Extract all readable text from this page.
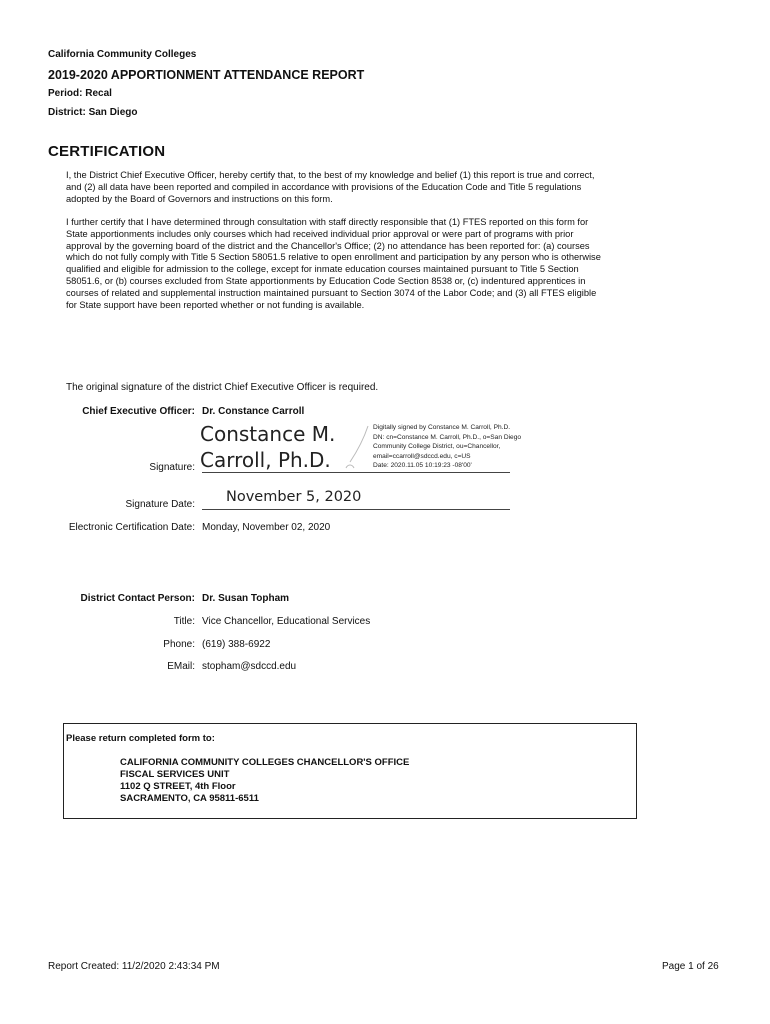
California Community Colleges
2019-2020 APPORTIONMENT ATTENDANCE REPORT
Period: Recal
District: San Diego
CERTIFICATION
I, the District Chief Executive Officer, hereby certify that, to the best of my knowledge and belief (1) this report is true and correct,
and (2) all data have been reported and compiled in accordance with provisions of the Education Code and Title 5 regulations
adopted by the Board of Governors and instructions on this form.
I further certify that I have determined through consultation with staff directly responsible that (1) FTES reported on this form for
State apportionments includes only courses which had received individual prior approval or were part of programs with prior
approval by the governing board of the district and the Chancellor's Office; (2) no attendance has been reported for: (a) courses
which do not fully comply with Title 5 Section 58051.5 relative to open enrollment and participation by any person who is otherwise
qualified and eligible for admission to the college, except for inmate education courses maintained pursuant to Title 5 Section
58051.6, or (b) courses excluded from State apportionments by Education Code Section 8538 or, (c) indentured apprentices in
courses of related and supplemental instruction maintained pursuant to Section 3074 of the Labor Code; and (3) all FTES eligible
for State support have been reported whether or not funding is available.
The original signature of the district Chief Executive Officer is required.
Chief Executive Officer: Dr. Constance Carroll
Signature:
Constance M.
Carroll, Ph.D.
Digitally signed by Constance M. Carroll, Ph.D.
DN: cn=Constance M. Carroll, Ph.D., o=San Diego
Community College District, ou=Chancellor,
email=ccarroll@sdccd.edu, c=US
Date: 2020.11.05 10:19:23 -08'00'
Signature Date: November 5, 2020
Electronic Certification Date: Monday, November 02, 2020
District Contact Person: Dr. Susan Topham
Title: Vice Chancellor, Educational Services
Phone: (619) 388-6922
EMail: stopham@sdccd.edu
Please return completed form to:
CALIFORNIA COMMUNITY COLLEGES CHANCELLOR'S OFFICE
FISCAL SERVICES UNIT
1102 Q STREET, 4th Floor
SACRAMENTO, CA 95811-6511
Report Created: 11/2/2020 2:43:34 PM	Page 1 of 26
